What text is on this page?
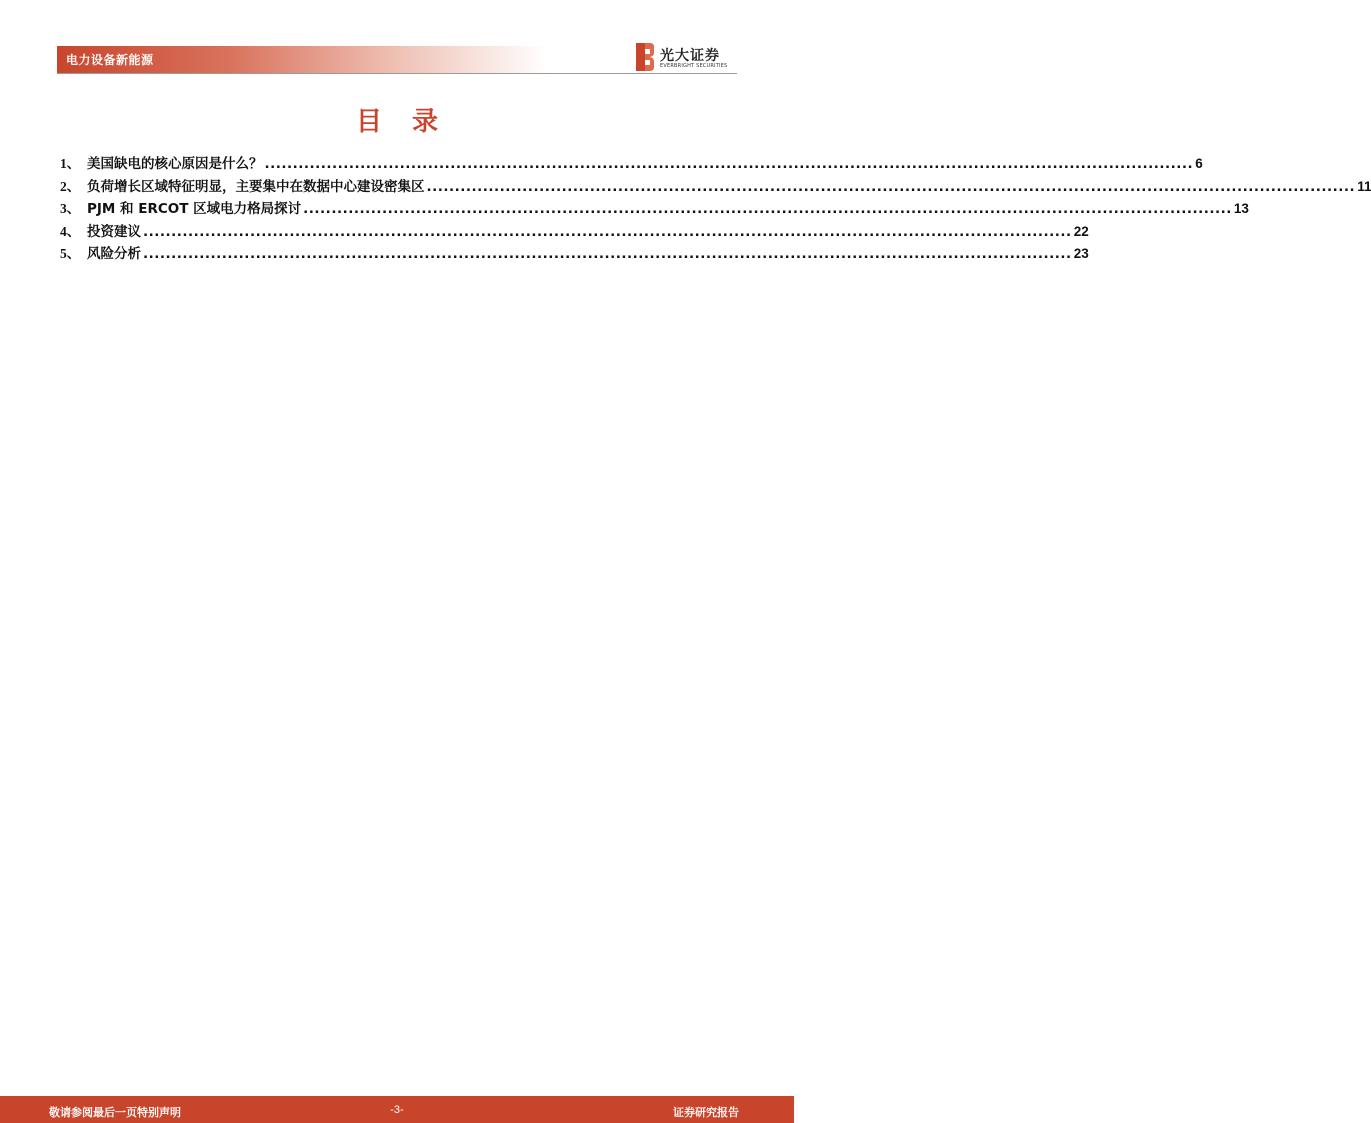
电力设备新能源	光大证券
EVERBRIGHT SECURITIES
目录
1、 美国缺电的核心原因是什么？ ..................................................................................................................................................................... 6
2、 负荷增长区域特征明显，主要集中在数据中心建设密集区 ..................................................................................................................................................................... 11
3、 PJM 和 ERCOT 区域电力格局探讨 ..................................................................................................................................................................... 13
4、 投资建议 ..................................................................................................................................................................... 22
5、 风险分析 ..................................................................................................................................................................... 23
敬请参阅最后一页特别声明	-3-	证券研究报告
